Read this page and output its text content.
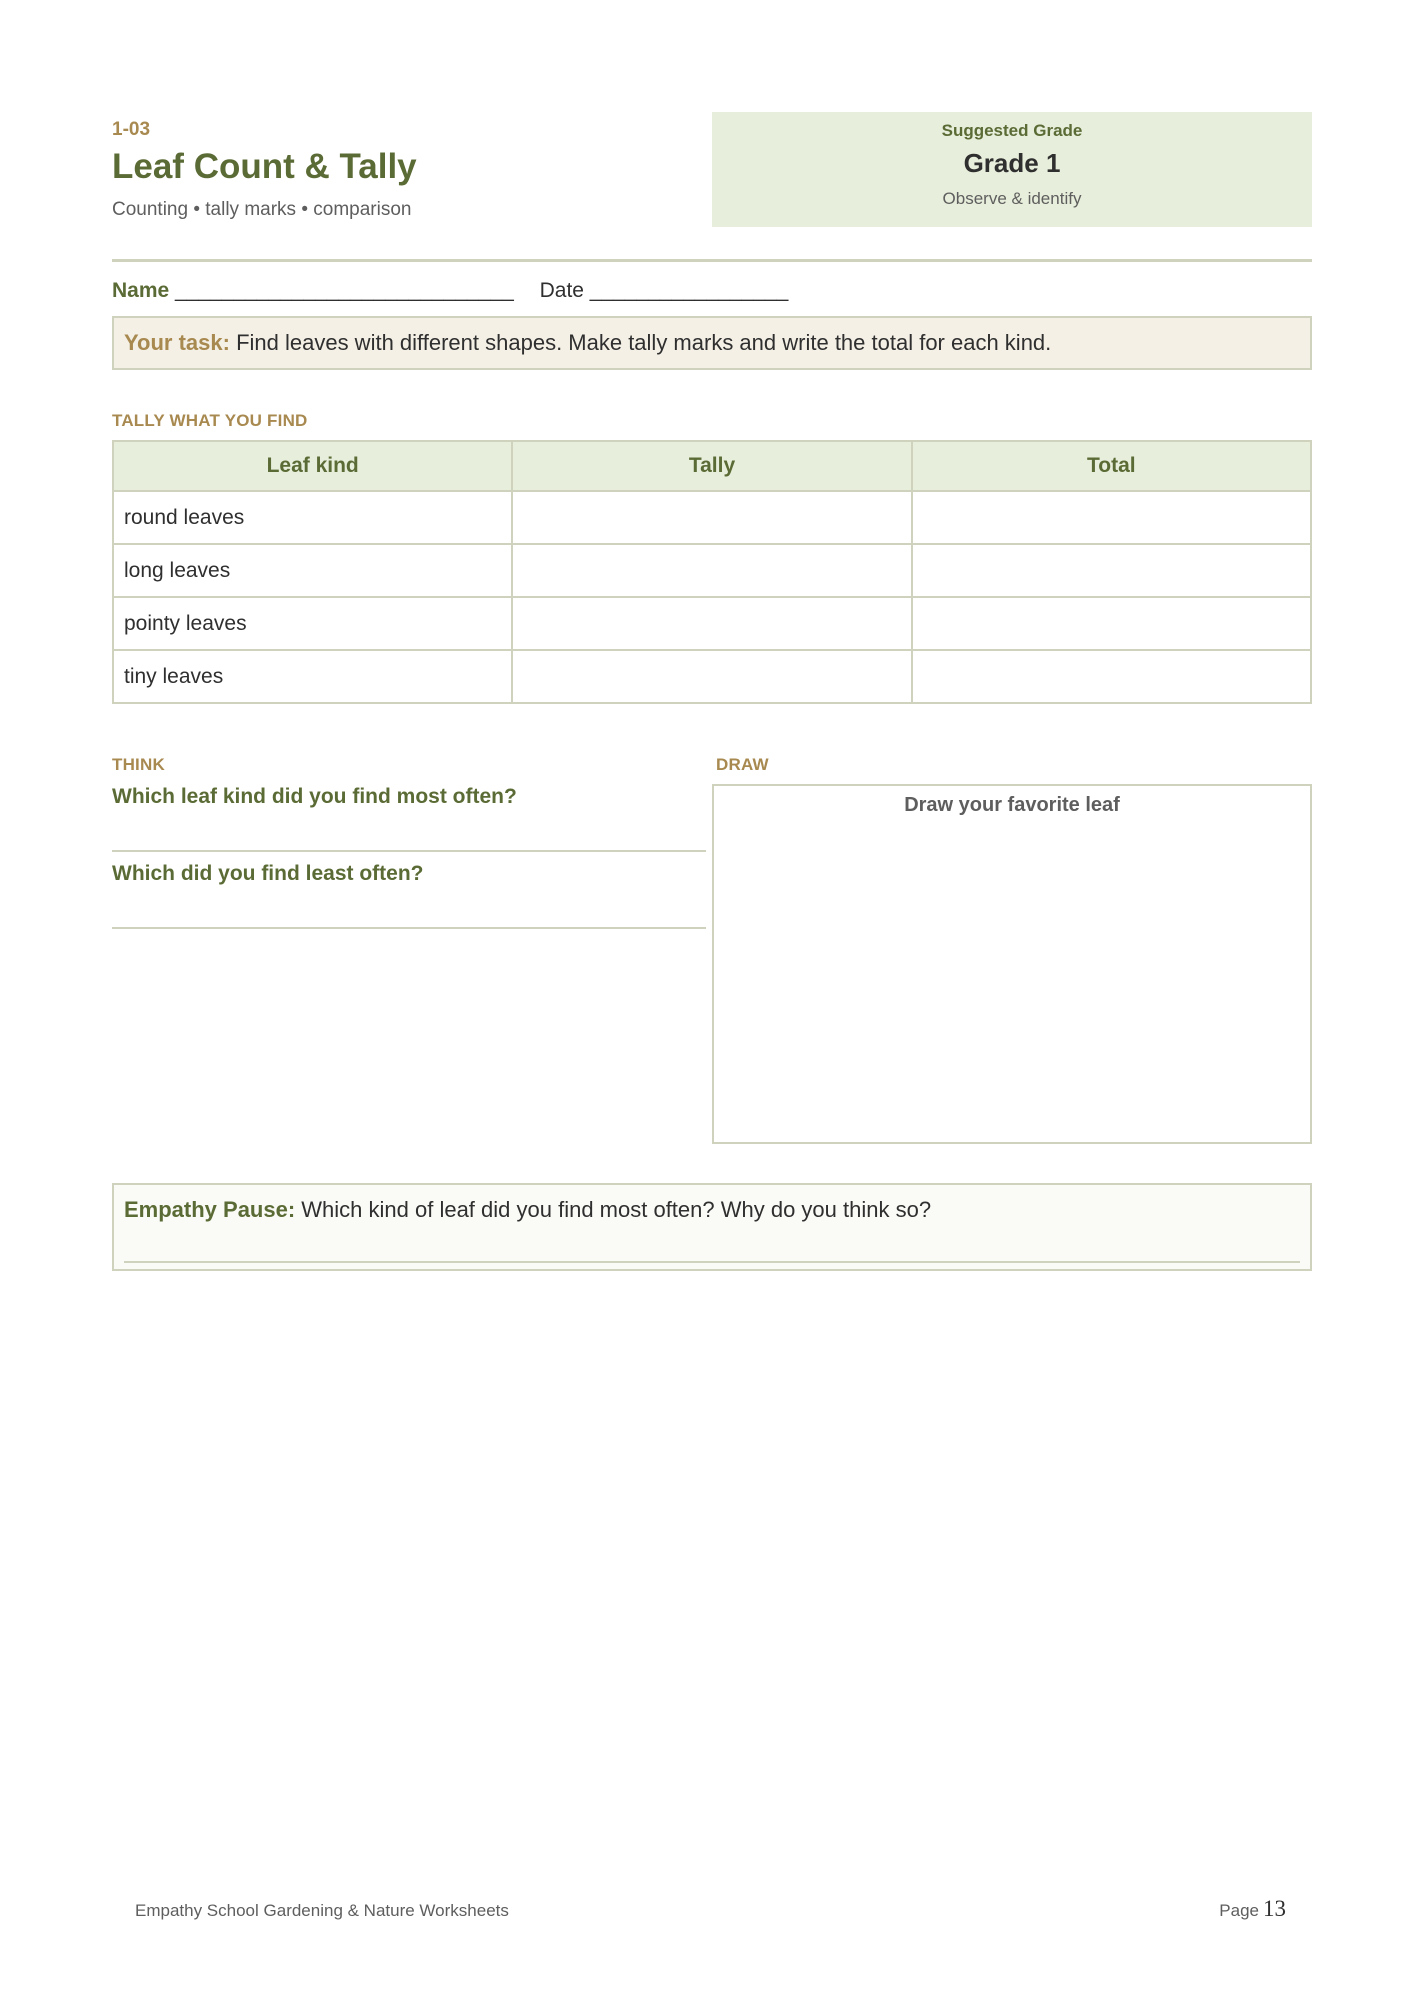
1-03
Leaf Count & Tally
Counting • tally marks • comparison
Suggested Grade
Grade 1
Observe & identify
Name _____________________________ Date _________________
Your task: Find leaves with different shapes. Make tally marks and write the total for each kind.
TALLY WHAT YOU FIND
Leaf kind	Tally	Total
round leaves		
long leaves		
pointy leaves		
tiny leaves		
THINK
Which leaf kind did you find most often?
Which did you find least often?
DRAW
Draw your favorite leaf
Empathy Pause: Which kind of leaf did you find most often? Why do you think so?
Empathy School Gardening & Nature Worksheets	Page 13
